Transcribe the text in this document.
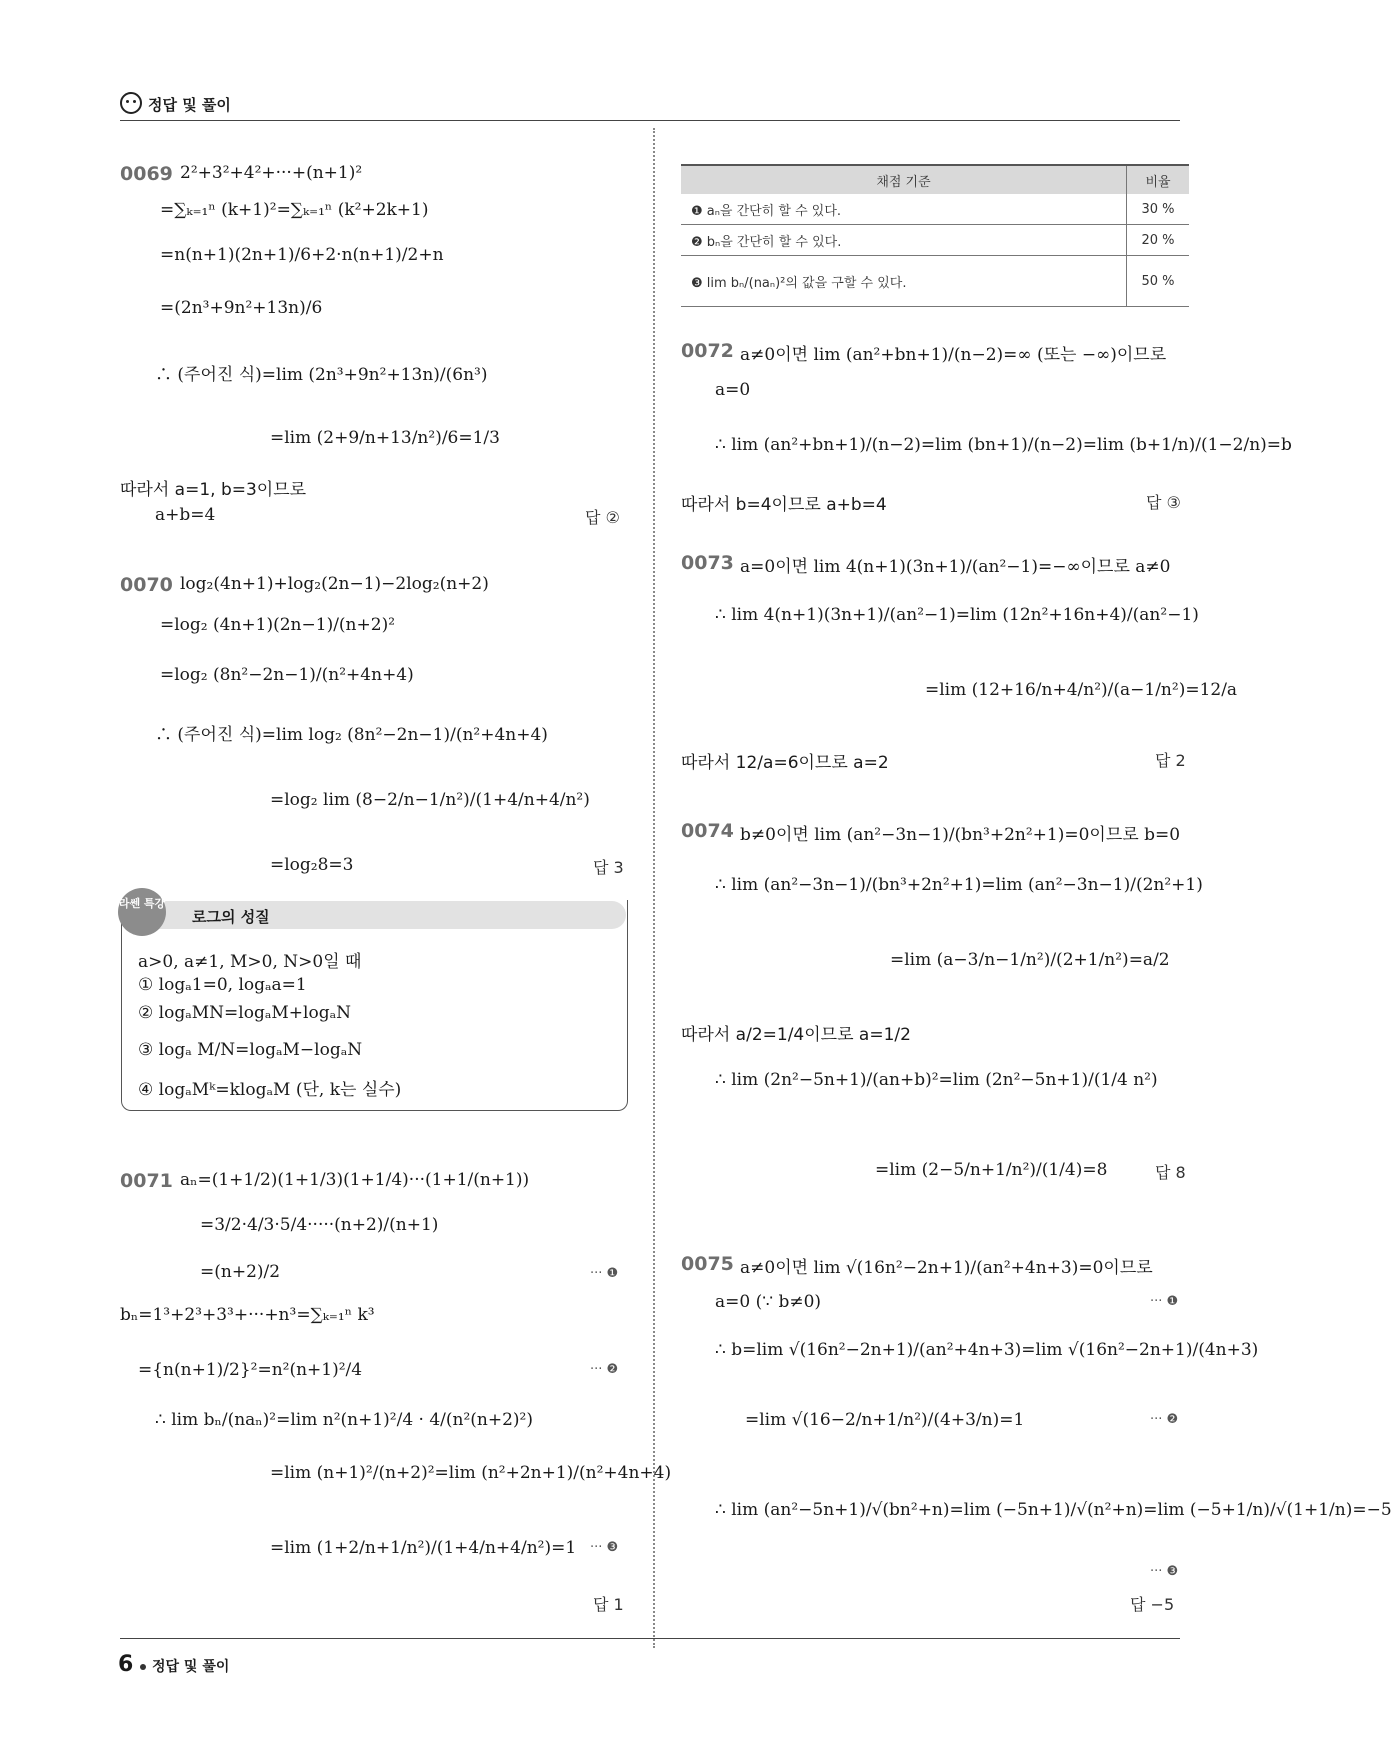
정답 및 풀이
0069 2²+3²+4²+···+(n+1)²
=∑ₖ₌₁ⁿ (k+1)²=∑ₖ₌₁ⁿ (k²+2k+1)
=n(n+1)(2n+1)/6+2·n(n+1)/2+n
=(2n³+9n²+13n)/6
∴ (주어진 식)=lim (2n³+9n²+13n)/(6n³)
=lim (2+9/n+13/n²)/6=1/3
따라서 a=1, b=3이므로
a+b=4	답 ②
0070 log₂(4n+1)+log₂(2n−1)−2log₂(n+2)
=log₂ (4n+1)(2n−1)/(n+2)²
=log₂ (8n²−2n−1)/(n²+4n+4)
∴ (주어진 식)=lim log₂ (8n²−2n−1)/(n²+4n+4)
=log₂ lim (8−2/n−1/n²)/(1+4/n+4/n²)
=log₂8=3	답 3
라쎈 특강
로그의 성질
a>0, a≠1, M>0, N>0일 때
① logₐ1=0, logₐa=1
② logₐMN=logₐM+logₐN
③ logₐ M/N=logₐM−logₐN
④ logₐMᵏ=klogₐM (단, k는 실수)
0071 aₙ=(1+1/2)(1+1/3)(1+1/4)···(1+1/(n+1))
=3/2·4/3·5/4·····(n+2)/(n+1)
=(n+2)/2	··· ❶
bₙ=1³+2³+3³+···+n³=∑ₖ₌₁ⁿ k³
={n(n+1)/2}²=n²(n+1)²/4	··· ❷
∴ lim bₙ/(naₙ)²=lim n²(n+1)²/4 · 4/(n²(n+2)²)
=lim (n+1)²/(n+2)²=lim (n²+2n+1)/(n²+4n+4)
=lim (1+2/n+1/n²)/(1+4/n+4/n²)=1 ··· ❸
답 1
채점 기준	비율
❶ aₙ을 간단히 할 수 있다.	30 %
❷ bₙ을 간단히 할 수 있다.	20 %
❸ lim bₙ/(naₙ)²의 값을 구할 수 있다.	50 %
0072 a≠0이면 lim (an²+bn+1)/(n−2)=∞ (또는 −∞)이므로
a=0
∴ lim (an²+bn+1)/(n−2)=lim (bn+1)/(n−2)=lim (b+1/n)/(1−2/n)=b
따라서 b=4이므로 a+b=4	답 ③
0073 a=0이면 lim 4(n+1)(3n+1)/(an²−1)=−∞이므로 a≠0
∴ lim 4(n+1)(3n+1)/(an²−1)=lim (12n²+16n+4)/(an²−1)
=lim (12+16/n+4/n²)/(a−1/n²)=12/a
따라서 12/a=6이므로 a=2	답 2
0074 b≠0이면 lim (an²−3n−1)/(bn³+2n²+1)=0이므로 b=0
∴ lim (an²−3n−1)/(bn³+2n²+1)=lim (an²−3n−1)/(2n²+1)
=lim (a−3/n−1/n²)/(2+1/n²)=a/2
따라서 a/2=1/4이므로 a=1/2
∴ lim (2n²−5n+1)/(an+b)²=lim (2n²−5n+1)/(1/4 n²)
=lim (2−5/n+1/n²)/(1/4)=8	답 8
0075 a≠0이면 lim √(16n²−2n+1)/(an²+4n+3)=0이므로
a=0 (∵ b≠0)	··· ❶
∴ b=lim √(16n²−2n+1)/(an²+4n+3)=lim √(16n²−2n+1)/(4n+3)
=lim √(16−2/n+1/n²)/(4+3/n)=1	··· ❷
∴ lim (an²−5n+1)/√(bn²+n)=lim (−5n+1)/√(n²+n)=lim (−5+1/n)/√(1+1/n)=−5
··· ❸
답 −5
6 정답 및 풀이
